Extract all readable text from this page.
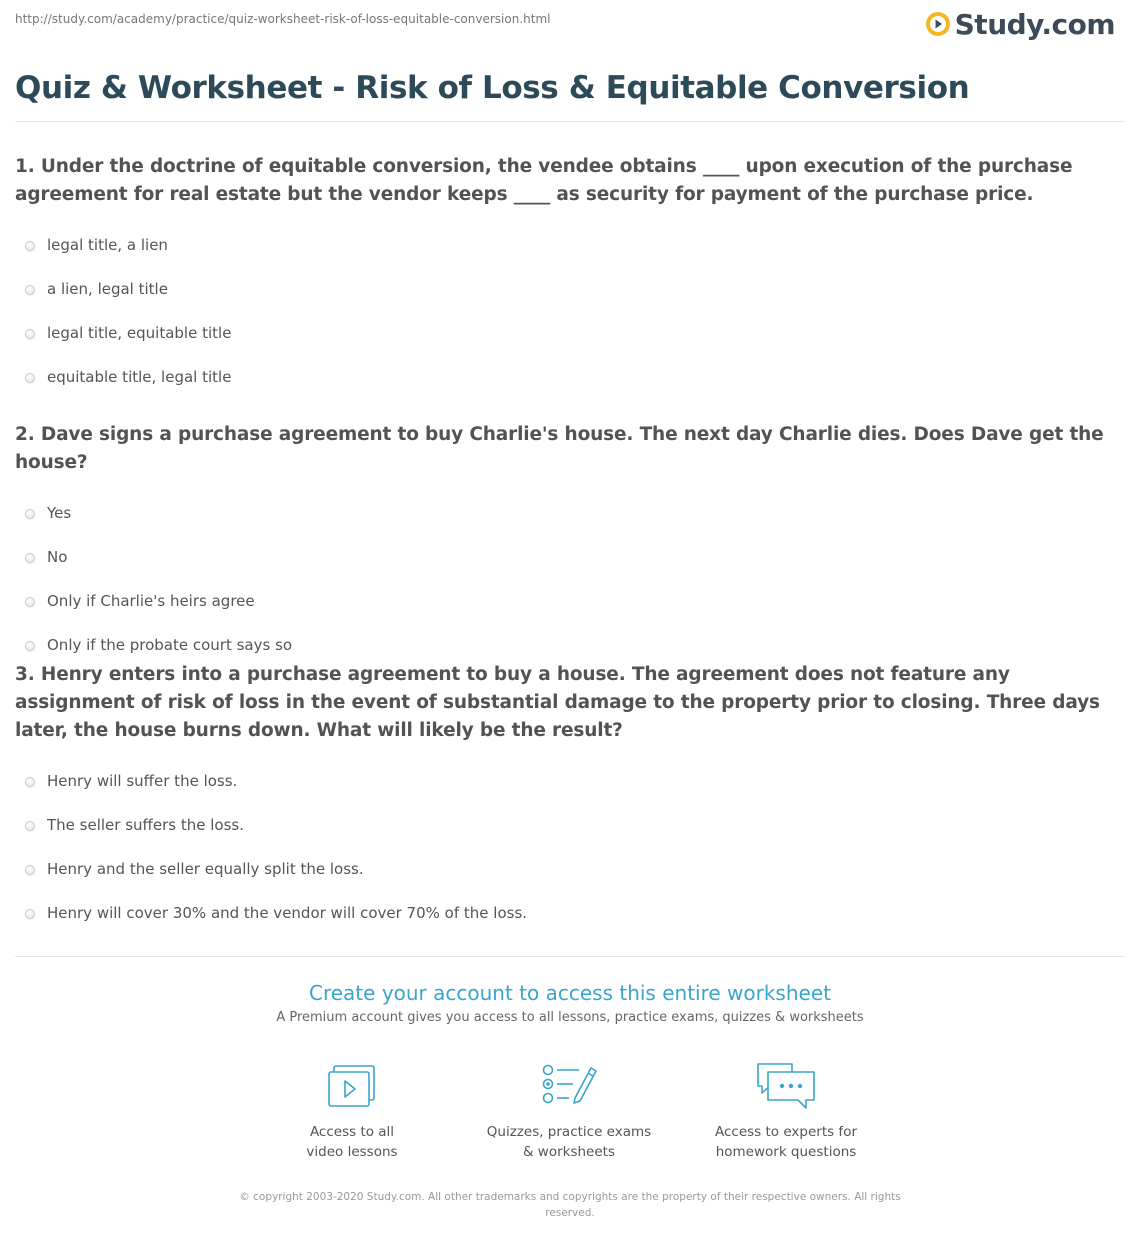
http://study.com/academy/practice/quiz-worksheet-risk-of-loss-equitable-conversion.html	Study.com
Quiz & Worksheet - Risk of Loss & Equitable Conversion

1. Under the doctrine of equitable conversion, the vendee obtains ____ upon execution of the purchase agreement for real estate but the vendor keeps ____ as security for payment of the purchase price.

legal title, a lien
a lien, legal title
legal title, equitable title
equitable title, legal title

2. Dave signs a purchase agreement to buy Charlie's house. The next day Charlie dies. Does Dave get the house?

Yes
No
Only if Charlie's heirs agree
Only if the probate court says so

3. Henry enters into a purchase agreement to buy a house. The agreement does not feature any assignment of risk of loss in the event of substantial damage to the property prior to closing. Three days later, the house burns down. What will likely be the result?

Henry will suffer the loss.
The seller suffers the loss.
Henry and the seller equally split the loss.
Henry will cover 30% and the vendor will cover 70% of the loss.
Create your account to access this entire worksheet
A Premium account gives you access to all lessons, practice exams, quizzes & worksheets
Access to all
video lessons
Quizzes, practice exams
& worksheets
Access to experts for
homework questions
© copyright 2003-2020 Study.com. All other trademarks and copyrights are the property of their respective owners. All rights reserved.
